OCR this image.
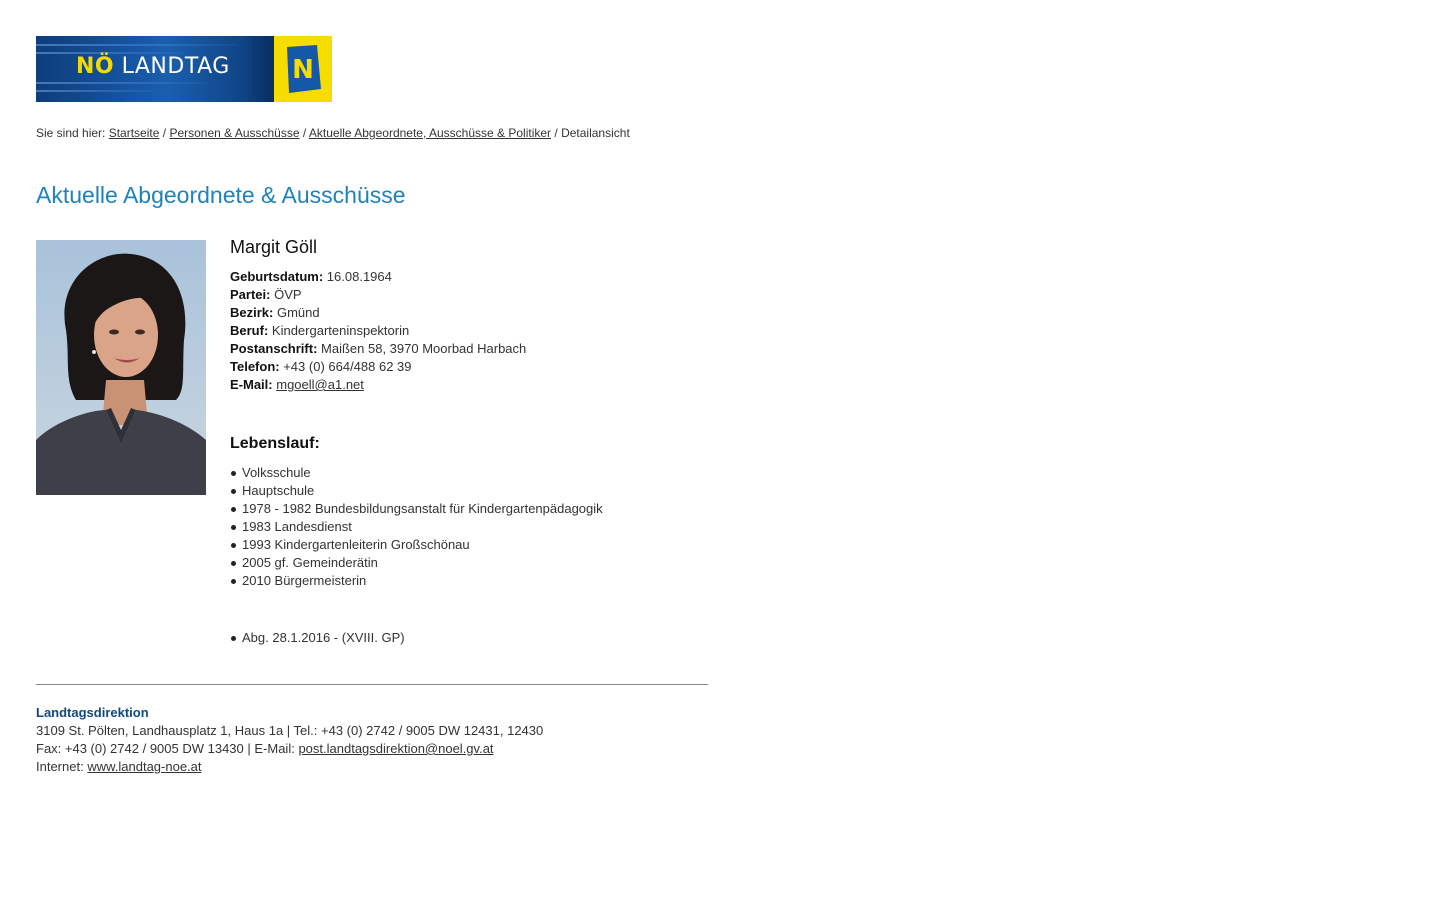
NÖ LANDTAG N
Sie sind hier: Startseite / Personen & Ausschüsse / Aktuelle Abgeordnete, Ausschüsse & Politiker / Detailansicht
Aktuelle Abgeordnete & Ausschüsse
Margit Göll
Geburtsdatum: 16.08.1964
Partei: ÖVP
Bezirk: Gmünd
Beruf: Kindergarteninspektorin
Postanschrift: Maißen 58, 3970 Moorbad Harbach
Telefon: +43 (0) 664/488 62 39
E-Mail: mgoell@a1.net
Lebenslauf:
Volksschule
Hauptschule
1978 - 1982 Bundesbildungsanstalt für Kindergartenpädagogik
1983 Landesdienst
1993 Kindergartenleiterin Großschönau
2005 gf. Gemeinderätin
2010 Bürgermeisterin
Abg. 28.1.2016 - (XVIII. GP)
Landtagsdirektion
3109 St. Pölten, Landhausplatz 1, Haus 1a | Tel.: +43 (0) 2742 / 9005 DW 12431, 12430
Fax: +43 (0) 2742 / 9005 DW 13430 | E-Mail: post.landtagsdirektion@noel.gv.at
Internet: www.landtag-noe.at
